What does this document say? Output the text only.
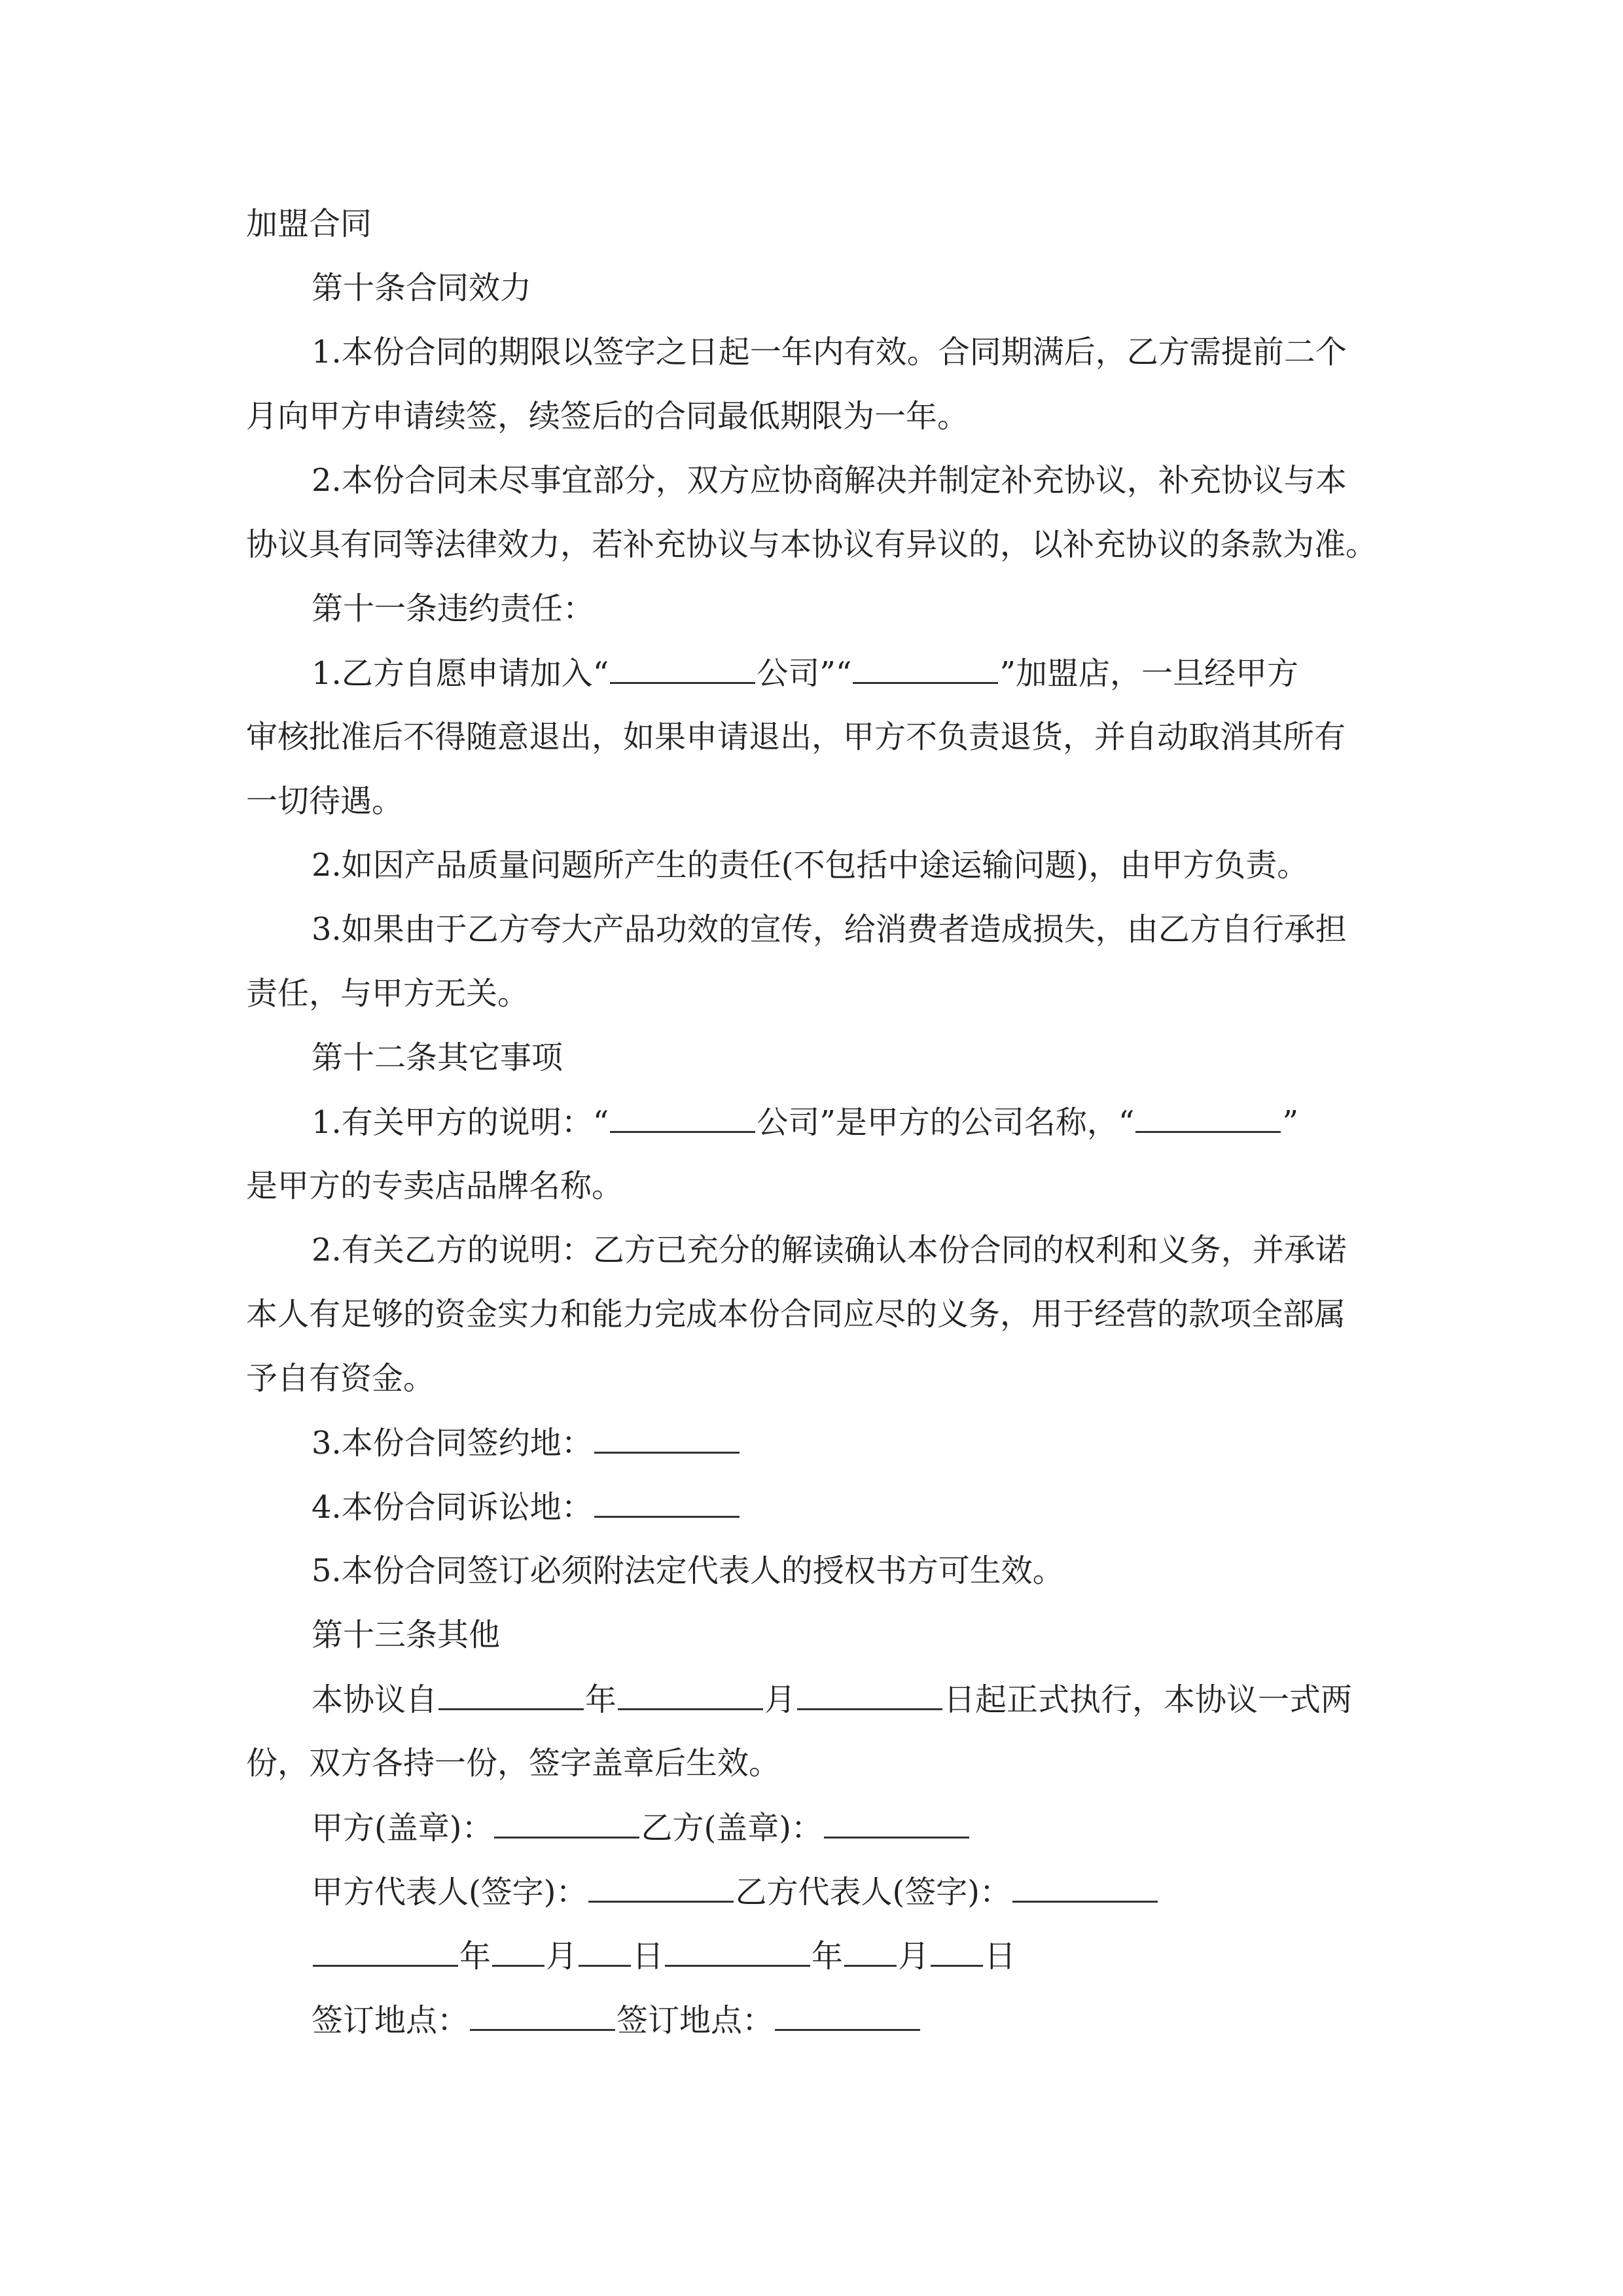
加盟合同
第十条合同效力
1.本份合同的期限以签字之日起一年内有效。合同期满后，乙方需提前二个
月向甲方申请续签，续签后的合同最低期限为一年。
2.本份合同未尽事宜部分，双方应协商解决并制定补充协议，补充协议与本
协议具有同等法律效力，若补充协议与本协议有异议的，以补充协议的条款为准。
第十一条违约责任：
1.乙方自愿申请加入“	公司”“	”加盟店，一旦经甲方
审核批准后不得随意退出，如果申请退出，甲方不负责退货，并自动取消其所有
一切待遇。
2.如因产品质量问题所产生的责任(不包括中途运输问题)，由甲方负责。
3.如果由于乙方夸大产品功效的宣传，给消费者造成损失，由乙方自行承担
责任，与甲方无关。
第十二条其它事项
1.有关甲方的说明：“	公司”是甲方的公司名称，“	”
是甲方的专卖店品牌名称。
2.有关乙方的说明：乙方已充分的解读确认本份合同的权利和义务，并承诺
本人有足够的资金实力和能力完成本份合同应尽的义务，用于经营的款项全部属
予自有资金。
3.本份合同签约地：
4.本份合同诉讼地：
5.本份合同签订必须附法定代表人的授权书方可生效。
第十三条其他
本协议自	年	月	日起正式执行，本协议一式两
份，双方各持一份，签字盖章后生效。
甲方(盖章)：	乙方(盖章)：
甲方代表人(签字)：	乙方代表人(签字)：
年 月 日	年 月 日
签订地点：	签订地点：
